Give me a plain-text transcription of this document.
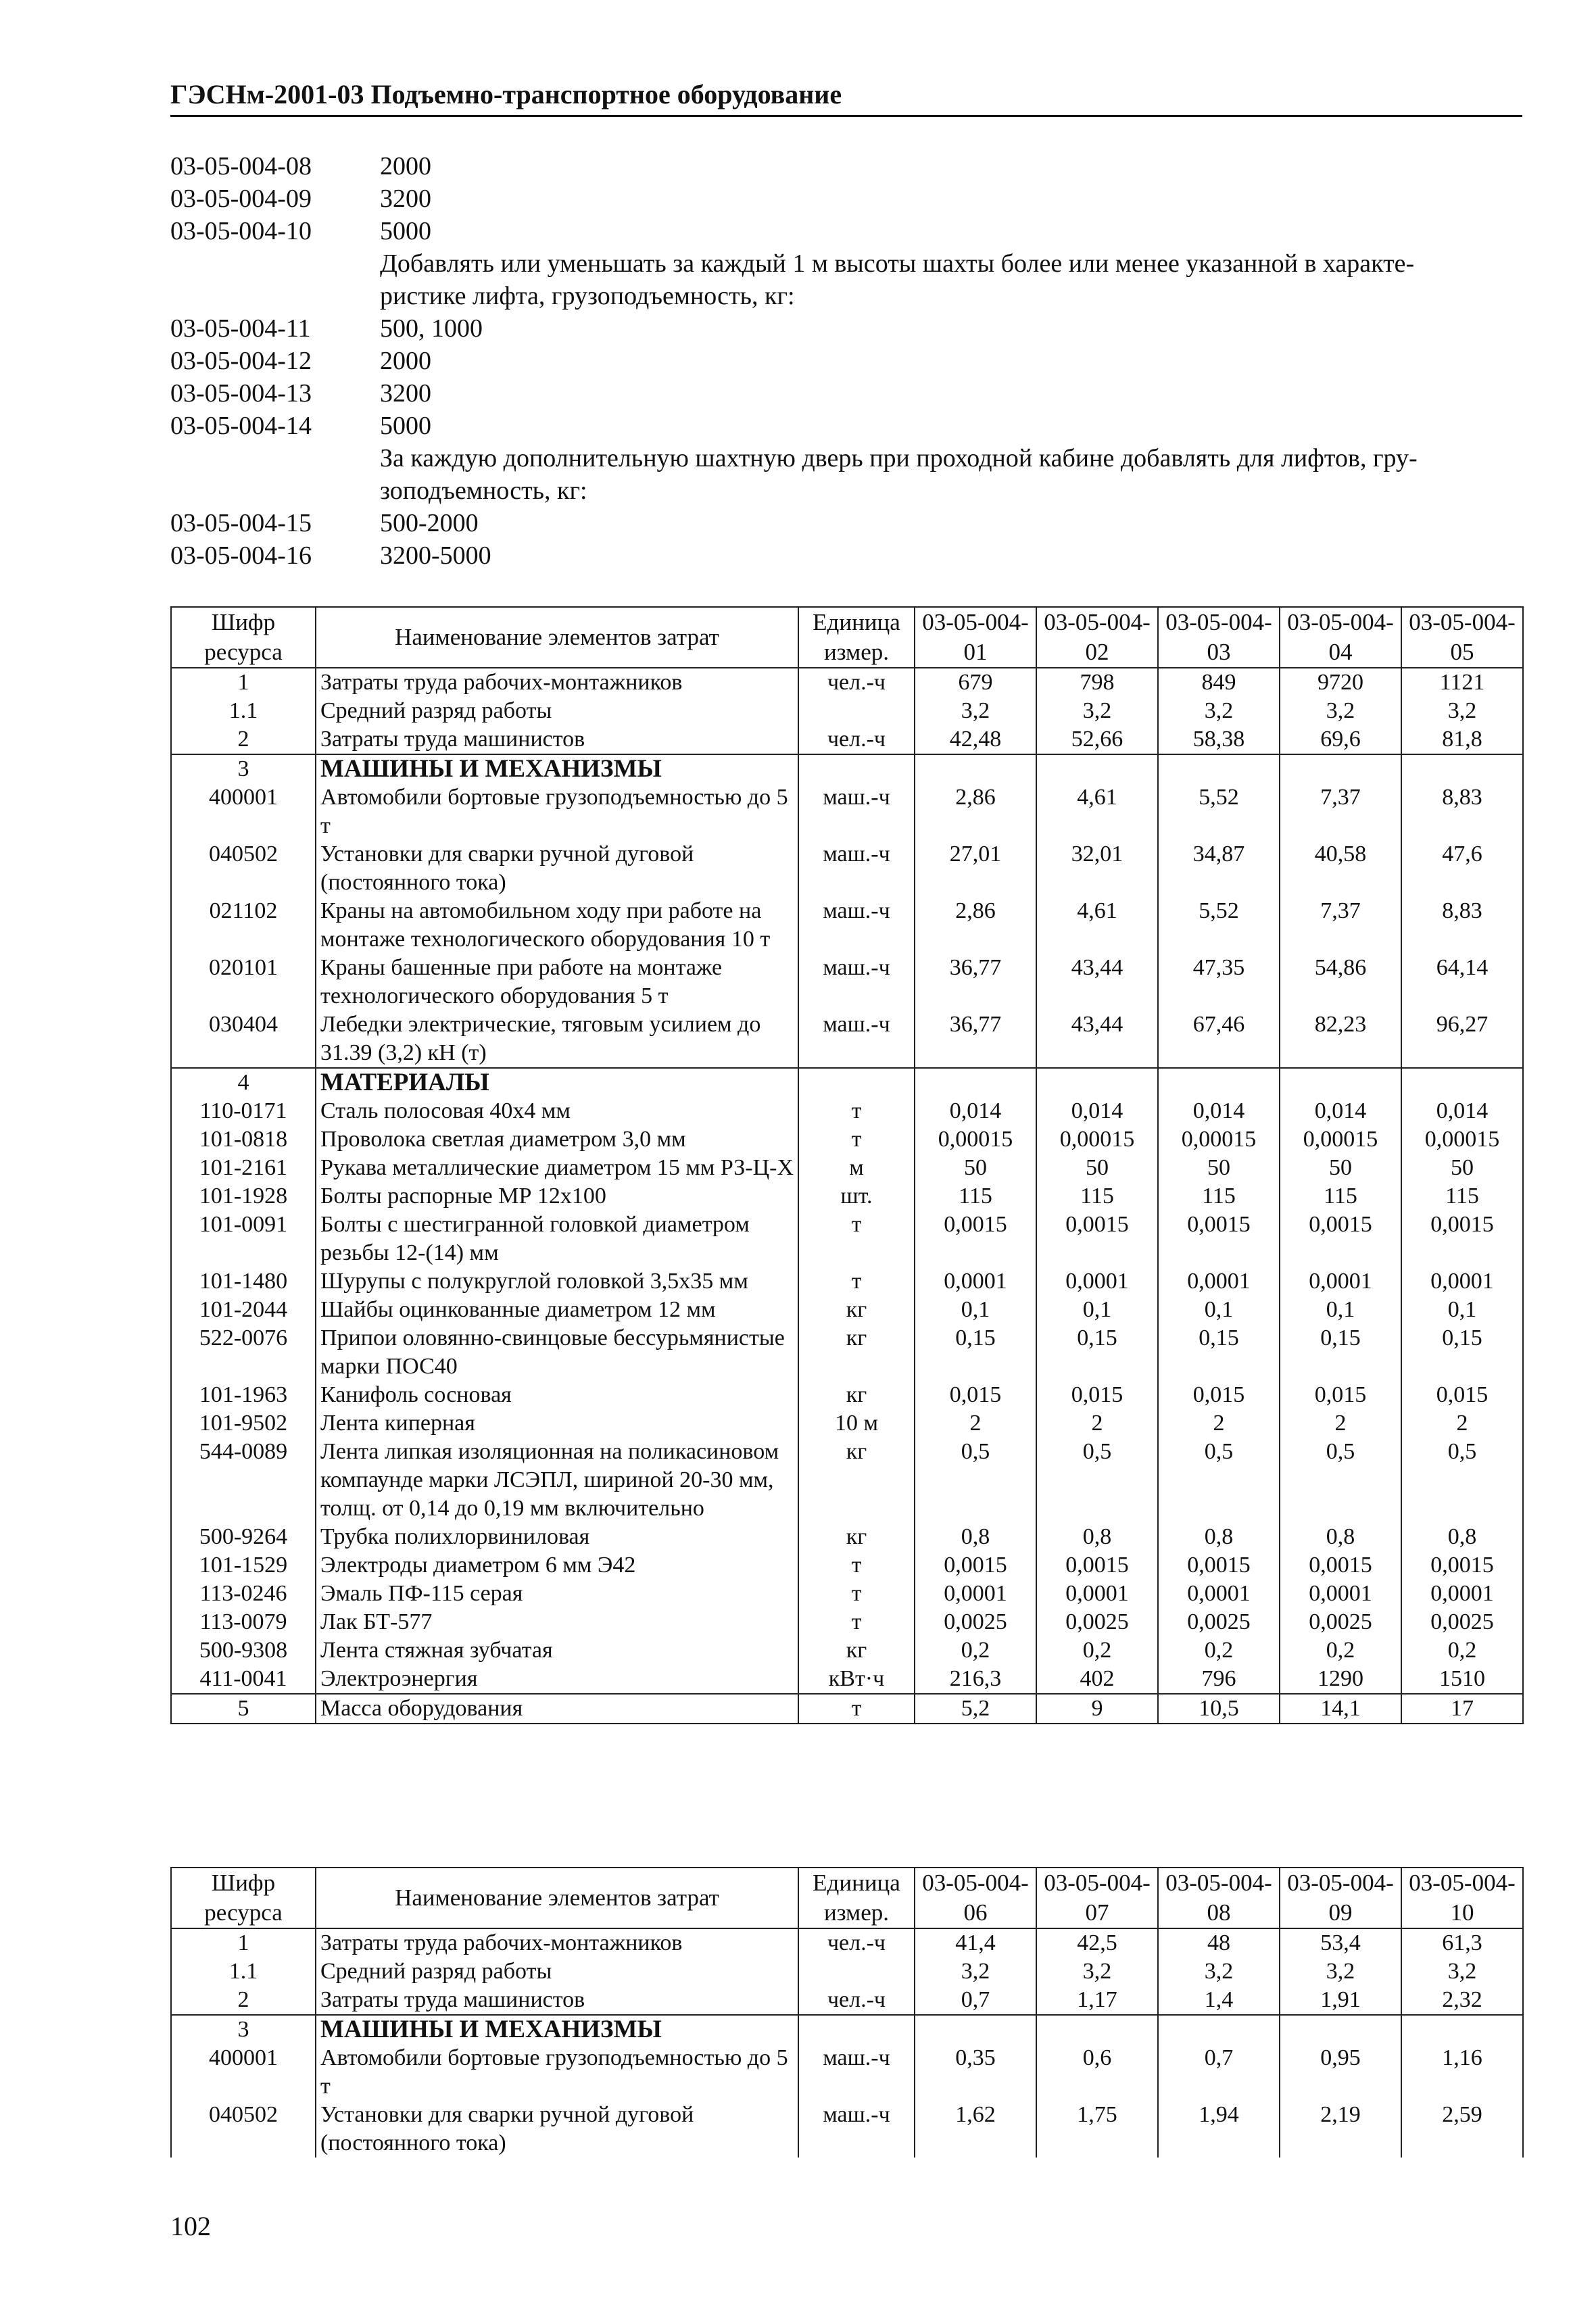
ГЭСНм-2001-03 Подъемно-транспортное оборудование
03-05-004-08	2000
03-05-004-09	3200
03-05-004-10	5000
Добавлять или уменьшать за каждый 1 м высоты шахты более или менее указанной в характе-
ристике лифта, грузоподъемность, кг:
03-05-004-11	500, 1000
03-05-004-12	2000
03-05-004-13	3200
03-05-004-14	5000
За каждую дополнительную шахтную дверь при проходной кабине добавлять для лифтов, гру-
зоподъемность, кг:
03-05-004-15	500-2000
03-05-004-16	3200-5000
Шифр ресурса	Наименование элементов затрат	Единица измер.	03-05-004-01	03-05-004-02	03-05-004-03	03-05-004-04	03-05-004-05
1	Затраты труда рабочих-монтажников	чел.-ч	679	798	849	9720	1121
1.1	Средний разряд работы		3,2	3,2	3,2	3,2	3,2
2	Затраты труда машинистов	чел.-ч	42,48	52,66	58,38	69,6	81,8
3	МАШИНЫ И МЕХАНИЗМЫ						
400001	Автомобили бортовые грузоподъемностью до 5 т	маш.-ч	2,86	4,61	5,52	7,37	8,83
040502	Установки для сварки ручной дуговой (постоянного тока)	маш.-ч	27,01	32,01	34,87	40,58	47,6
021102	Краны на автомобильном ходу при работе на монтаже технологического оборудования 10 т	маш.-ч	2,86	4,61	5,52	7,37	8,83
020101	Краны башенные при работе на монтаже технологического оборудования 5 т	маш.-ч	36,77	43,44	47,35	54,86	64,14
030404	Лебедки электрические, тяговым усилием до 31.39 (3,2) кН (т)	маш.-ч	36,77	43,44	67,46	82,23	96,27
4	МАТЕРИАЛЫ						
110-0171	Сталь полосовая 40х4 мм	т	0,014	0,014	0,014	0,014	0,014
101-0818	Проволока светлая диаметром 3,0 мм	т	0,00015	0,00015	0,00015	0,00015	0,00015
101-2161	Рукава металлические диаметром 15 мм РЗ-Ц-Х	м	50	50	50	50	50
101-1928	Болты распорные МР 12х100	шт.	115	115	115	115	115
101-0091	Болты с шестигранной головкой диаметром резьбы 12-(14) мм	т	0,0015	0,0015	0,0015	0,0015	0,0015
101-1480	Шурупы с полукруглой головкой 3,5х35 мм	т	0,0001	0,0001	0,0001	0,0001	0,0001
101-2044	Шайбы оцинкованные диаметром 12 мм	кг	0,1	0,1	0,1	0,1	0,1
522-0076	Припои оловянно-свинцовые бессурьмянистые марки ПОС40	кг	0,15	0,15	0,15	0,15	0,15
101-1963	Канифоль сосновая	кг	0,015	0,015	0,015	0,015	0,015
101-9502	Лента киперная	10 м	2	2	2	2	2
544-0089	Лента липкая изоляционная на поликасиновом компаунде марки ЛСЭПЛ, шириной 20-30 мм, толщ. от 0,14 до 0,19 мм включительно	кг	0,5	0,5	0,5	0,5	0,5
500-9264	Трубка полихлорвиниловая	кг	0,8	0,8	0,8	0,8	0,8
101-1529	Электроды диаметром 6 мм Э42	т	0,0015	0,0015	0,0015	0,0015	0,0015
113-0246	Эмаль ПФ-115 серая	т	0,0001	0,0001	0,0001	0,0001	0,0001
113-0079	Лак БТ-577	т	0,0025	0,0025	0,0025	0,0025	0,0025
500-9308	Лента стяжная зубчатая	кг	0,2	0,2	0,2	0,2	0,2
411-0041	Электроэнергия	кВт·ч	216,3	402	796	1290	1510
5	Масса оборудования	т	5,2	9	10,5	14,1	17
Шифр ресурса	Наименование элементов затрат	Единица измер.	03-05-004-06	03-05-004-07	03-05-004-08	03-05-004-09	03-05-004-10
1	Затраты труда рабочих-монтажников	чел.-ч	41,4	42,5	48	53,4	61,3
1.1	Средний разряд работы		3,2	3,2	3,2	3,2	3,2
2	Затраты труда машинистов	чел.-ч	0,7	1,17	1,4	1,91	2,32
3	МАШИНЫ И МЕХАНИЗМЫ						
400001	Автомобили бортовые грузоподъемностью до 5 т	маш.-ч	0,35	0,6	0,7	0,95	1,16
040502	Установки для сварки ручной дуговой (постоянного тока)	маш.-ч	1,62	1,75	1,94	2,19	2,59
102
